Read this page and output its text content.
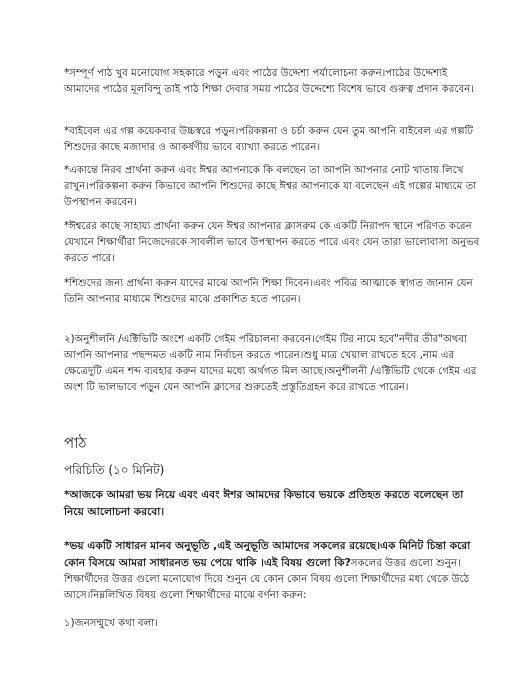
*সম্পূর্ণ পাঠ খুব মনোযোগ সহকারে পড়ুন এবং পাঠের উদ্দেশ্য পর্যালোচনা করুন।পাঠের উদ্দেশ্যই আমাদের পাঠের মূলবিন্দু তাই পাঠ শিক্ষা দেবার সময় পাঠের উদ্দেশ্যে বিশেষ ভাবে গুরুত্ব প্রদান করবেন।

*বাইবেল এর গল্প কয়েকবার উচ্চস্বরে পড়ুন।পরিকল্পনা ও চর্চা করুন যেন তুম আপনি বাইবেল এর গল্পটি শিশুদের কাছে মজাদার ও আকর্ষণীয় ভাবে ব্যাখ্যা করতে পারেন।

*একান্তে নিরব প্রার্থনা করুন এবং ঈশ্বর আপনাকে কি বলছেন তা আপনি আপনার নোট খাতায় লিখে রাখুন।পরিকল্পনা করুন কিভাবে আপনি শিশুদের কাছে ঈশ্বর আপনাকে যা বলেছেন এই গল্পের মাধ্যমে তা উপস্থাপন করবেন।

*ঈশ্বরের কাছে সাহায্য প্রার্থনা করুন যেন ঈশ্বর আপনার ক্লাসরুম কে একটি নিরাপদ স্থানে পরিণত করেন যেখানে শিক্ষার্থীরা নিজেদেরকে সাবলীল ভাবে উপস্থাপন করতে পারে এবং যেন তারা ভালোবাসা অনুভব করতে পারে।

*শিশুদের জন্য প্রার্থনা করুন যাদের মাঝে আপনি শিক্ষা দিবেন।এবং পবিত্র আত্মাকে স্বাগত জানান যেন তিনি আপনার মাধ্যমে শিশুদের মাঝে প্রকাশিত হতে পারেন।

২)অনুশীলনি /এক্টিভিটি অংশে একটি গেইম পরিচালনা করবেন।গেইম টির নামে হবে"নদীর তীর"অথবা আপনি আপনার পছন্দমত একটি নাম নির্বাচন করতে পারেন।শুধু মাত্র খেয়াল রাখতে হবে ,নাম এর ক্ষেত্রেদুটি এমন শব্দ ব্যবহার করুন যাদের মধ্যে অর্থগত মিল আছে।অনুশীলনী /এক্টিভিটি থেকে গেইম এর অংশ টি ভালভাবে পড়ুন যেন আপনি ক্লাসের শুরুতেই প্রস্তুতিগ্রহন করে রাখতে পারেন।

পাঠ

পরিচিতি (১০ মিনিট)

*আজকে আমরা ভয় নিয়ে এবং এবং ঈশর আমদের কিভাবে ভয়কে প্রতিহত করতে বলেছেন তা নিয়ে আলোচনা করবো।

*ভয় একটি সাধারন মানব অনুভূতি ,এই অনুভূতি আমাদের সকলের রয়েছে।এক মিনিট চিন্তা করো কোন বিসয়ে আমরা সাধারনত ভয় পেয়ে থাকি ।এই বিষয় গুলো কি?সকলের উত্তর গুলো শুনুন।শিক্ষার্থীদের উত্তর গুলো মনোযোগ দিয়ে শুনুন যে কোন কোন বিষয় গুলো শিক্ষার্থীদের মধ্য থেকে উঠে আসে।নিম্নলিখিত বিষয় গুলো শিক্ষার্থীদের মাঝে বর্ণনা করুন:

১)জনসম্মুখে কথা বলা।
